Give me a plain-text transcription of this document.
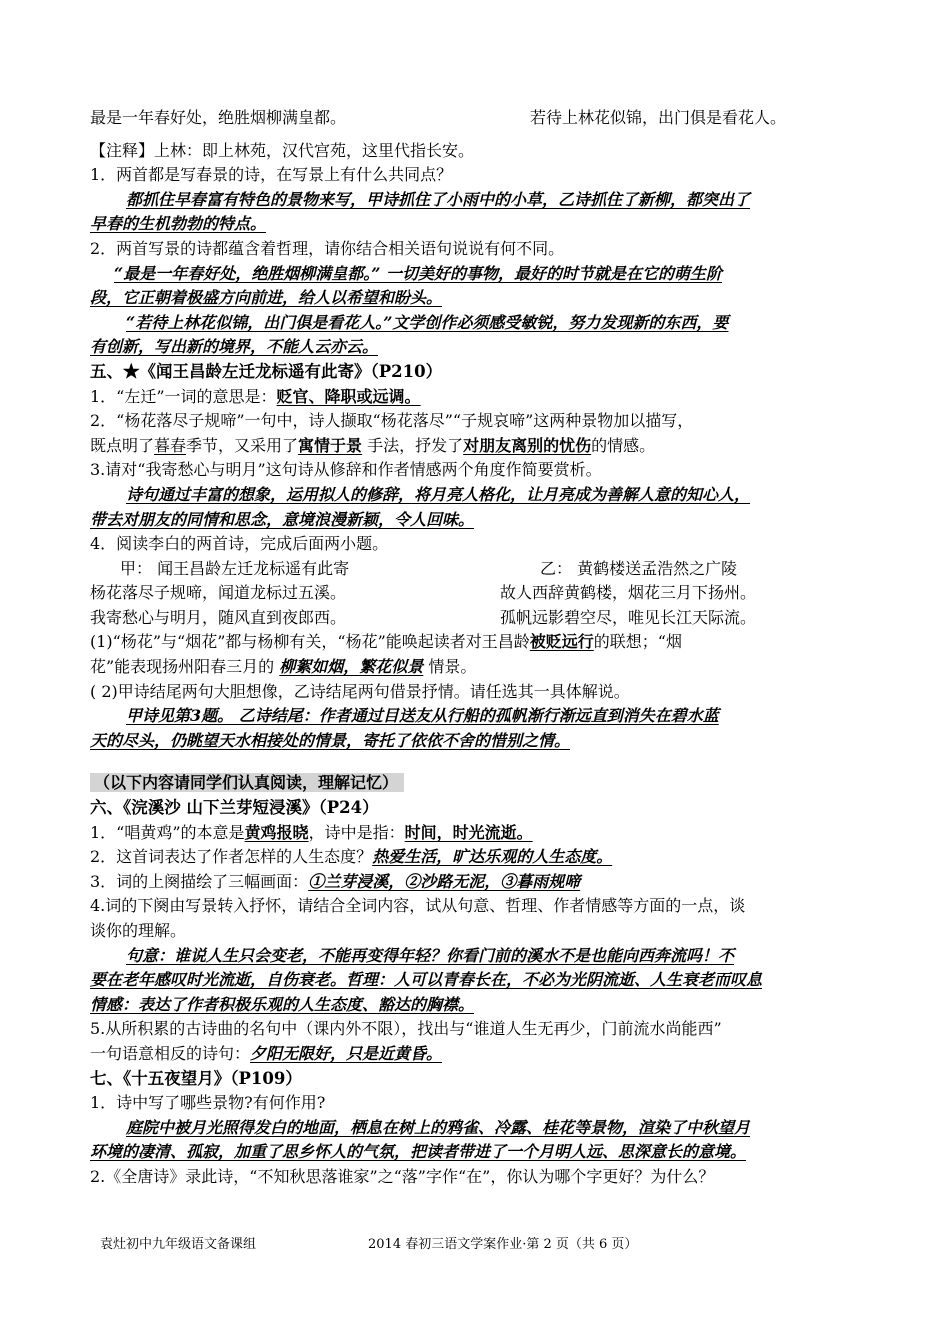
最是一年春好处，绝胜烟柳满皇都。	若待上林花似锦，出门俱是看花人。
【注释】上林：即上林苑，汉代宫苑，这里代指长安。
1．两首都是写春景的诗，在写景上有什么共同点？
都抓住早春富有特色的景物来写，甲诗抓住了小雨中的小草，乙诗抓住了新柳，都突出了
早春的生机勃勃的特点。
2．两首写景的诗都蕴含着哲理，请你结合相关语句说说有何不同。
“最是一年春好处，绝胜烟柳满皇都。” 一切美好的事物，最好的时节就是在它的萌生阶
段，它正朝着极盛方向前进，给人以希望和盼头。
“若待上林花似锦，出门俱是看花人。”文学创作必须感受敏锐，努力发现新的东西，要
有创新，写出新的境界，不能人云亦云。
五、★《闻王昌龄左迁龙标遥有此寄》（P210）
1．“左迁”一词的意思是：贬官、降职或远调。
2．“杨花落尽子规啼”一句中，诗人撷取“杨花落尽”“子规哀啼”这两种景物加以描写，
既点明了暮春季节，又采用了寓情于景 手法，抒发了对朋友离别的忧伤的情感。
3.请对“我寄愁心与明月”这句诗从修辞和作者情感两个角度作简要赏析。
诗句通过丰富的想象，运用拟人的修辞，将月亮人格化，让月亮成为善解人意的知心人，
带去对朋友的同情和思念，意境浪漫新颖，令人回味。
4．阅读李白的两首诗，完成后面两小题。
甲： 闻王昌龄左迁龙标遥有此寄	乙： 黄鹤楼送孟浩然之广陵
杨花落尽子规啼，闻道龙标过五溪。	故人西辞黄鹤楼，烟花三月下扬州。
我寄愁心与明月，随风直到夜郎西。	孤帆远影碧空尽，唯见长江天际流。
(1)“杨花”与“烟花”都与杨柳有关，“杨花”能唤起读者对王昌龄被贬远行的联想；“烟
花”能表现扬州阳春三月的 柳絮如烟，繁花似景 情景。
( 2)甲诗结尾两句大胆想像，乙诗结尾两句借景抒情。请任选其一具体解说。
甲诗见第3题。 乙诗结尾：作者通过目送友从行船的孤帆渐行渐远直到消失在碧水蓝
天的尽头，仍眺望天水相接处的情景，寄托了依依不舍的惜别之情。
（以下内容请同学们认真阅读，理解记忆）
六、《浣溪沙 山下兰芽短浸溪》（P24）
1．“唱黄鸡”的本意是黄鸡报晓，诗中是指：时间，时光流逝。
2．这首词表达了作者怎样的人生态度？热爱生活，旷达乐观的人生态度。
3．词的上阕描绘了三幅画面：①兰芽浸溪，②沙路无泥，③暮雨规啼
4.词的下阕由写景转入抒怀，请结合全词内容，试从句意、哲理、作者情感等方面的一点，谈
谈你的理解。
句意：谁说人生只会变老，不能再变得年轻？你看门前的溪水不是也能向西奔流吗！不
要在老年感叹时光流逝，自伤衰老。哲理：人可以青春长在，不必为光阴流逝、人生衰老而叹息
情感：表达了作者积极乐观的人生态度、豁达的胸襟。
5.从所积累的古诗曲的名句中（课内外不限），找出与“谁道人生无再少，门前流水尚能西”
一句语意相反的诗句：夕阳无限好，只是近黄昏。
七、《十五夜望月》（P109）
1．诗中写了哪些景物?有何作用?
庭院中被月光照得发白的地面，栖息在树上的鸦雀、冷露、桂花等景物，渲染了中秋望月
环境的凄清、孤寂，加重了思乡怀人的气氛，把读者带进了一个月明人远、思深意长的意境。
2.《全唐诗》录此诗，“不知秋思落谁家”之“落”字作“在”，你认为哪个字更好？为什么？
袁灶初中九年级语文备课组	2014 春初三语文学案作业·第 2 页（共 6 页）
